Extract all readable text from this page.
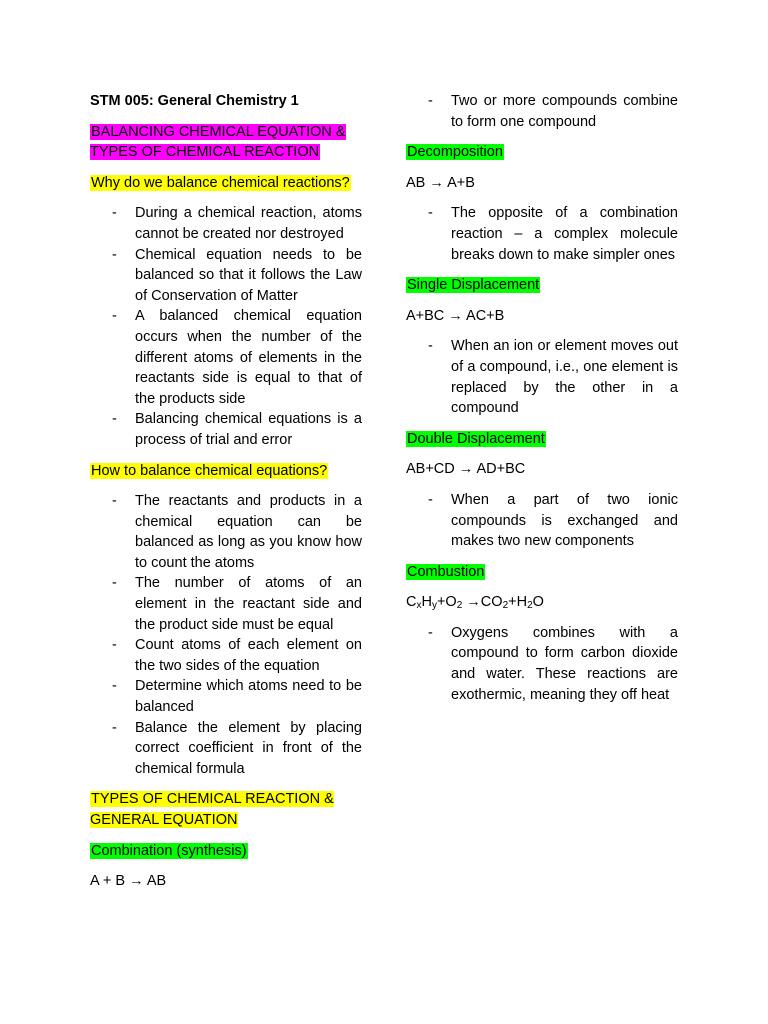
STM 005: General Chemistry 1

BALANCING CHEMICAL EQUATION & TYPES OF CHEMICAL REACTION

Why do we balance chemical reactions?

- During a chemical reaction, atoms cannot be created nor destroyed
- Chemical equation needs to be balanced so that it follows the Law of Conservation of Matter
- A balanced chemical equation occurs when the number of the different atoms of elements in the reactants side is equal to that of the products side
- Balancing chemical equations is a process of trial and error

How to balance chemical equations?

- The reactants and products in a chemical equation can be balanced as long as you know how to count the atoms
- The number of atoms of an element in the reactant side and the product side must be equal
- Count atoms of each element on the two sides of the equation
- Determine which atoms need to be balanced
- Balance the element by placing correct coefficient in front of the chemical formula

TYPES OF CHEMICAL REACTION & GENERAL EQUATION

Combination (synthesis)

A + B → AB

- Two or more compounds combine to form one compound

Decomposition

AB → A+B

- The opposite of a combination reaction – a complex molecule breaks down to make simpler ones

Single Displacement

A+BC → AC+B

- When an ion or element moves out of a compound, i.e., one element is replaced by the other in a compound

Double Displacement

AB+CD → AD+BC

- When a part of two ionic compounds is exchanged and makes two new components

Combustion

$C_xH_y+O_2 \to CO_2+H_2O$

- Oxygens combines with a compound to form carbon dioxide and water. These reactions are exothermic, meaning they off heat
